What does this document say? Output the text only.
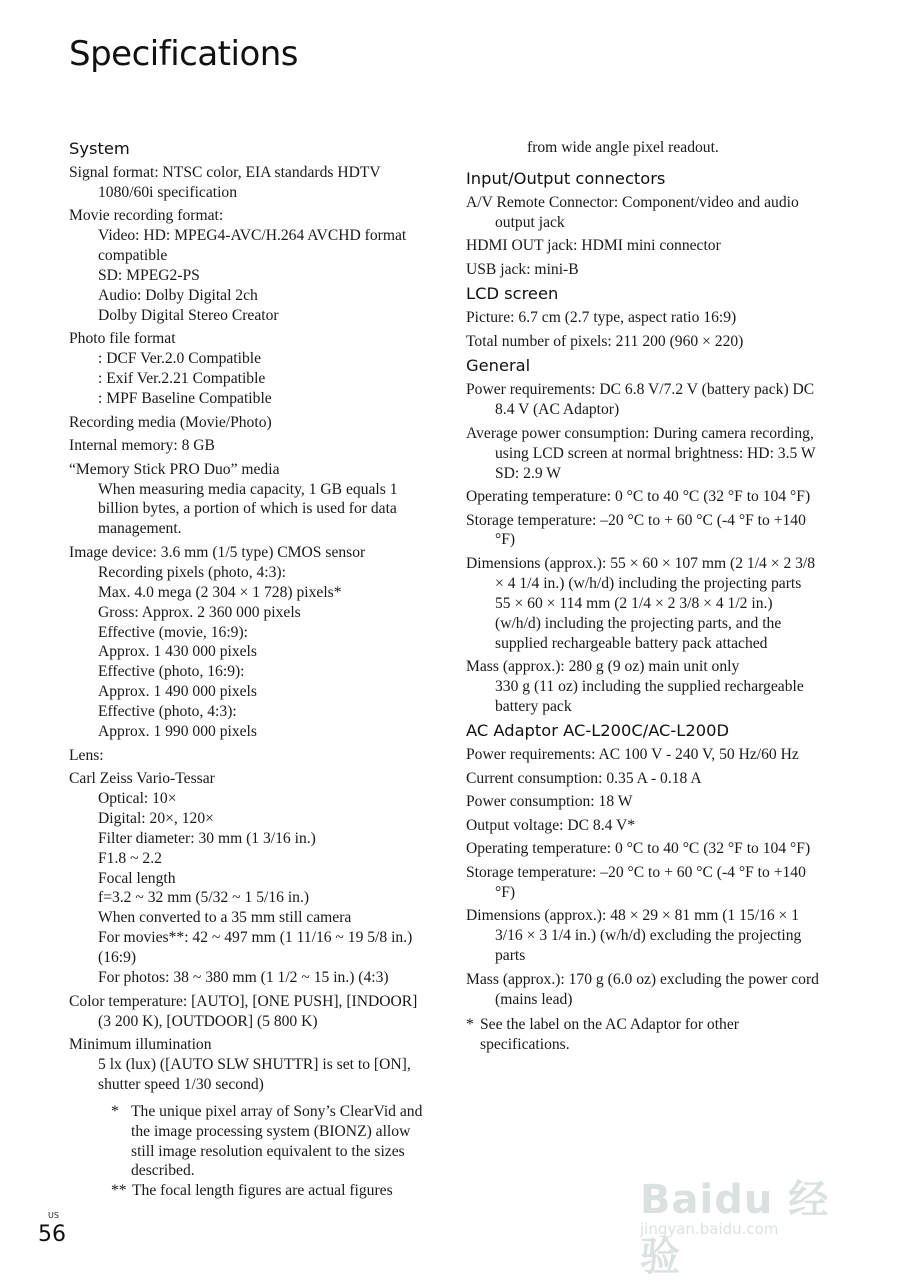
Specifications
System
Signal format: NTSC color, EIA standards HDTV 1080/60i specification
Movie recording format:
Video: HD: MPEG4-AVC/H.264 AVCHD format compatible
SD: MPEG2-PS
Audio: Dolby Digital 2ch
Dolby Digital Stereo Creator
Photo file format
: DCF Ver.2.0 Compatible
: Exif Ver.2.21 Compatible
: MPF Baseline Compatible
Recording media (Movie/Photo)
Internal memory: 8 GB
“Memory Stick PRO Duo” media
When measuring media capacity, 1 GB equals 1 billion bytes, a portion of which is used for data management.
Image device: 3.6 mm (1/5 type) CMOS sensor
Recording pixels (photo, 4:3):
Max. 4.0 mega (2 304 × 1 728) pixels*
Gross: Approx. 2 360 000 pixels
Effective (movie, 16:9):
Approx. 1 430 000 pixels
Effective (photo, 16:9):
Approx. 1 490 000 pixels
Effective (photo, 4:3):
Approx. 1 990 000 pixels
Lens:
Carl Zeiss Vario-Tessar
Optical: 10×
Digital: 20×, 120×
Filter diameter: 30 mm (1 3/16 in.)
F1.8 ~ 2.2
Focal length
f=3.2 ~ 32 mm (5/32 ~ 1 5/16 in.)
When converted to a 35 mm still camera
For movies**: 42 ~ 497 mm (1 11/16 ~ 19 5/8 in.) (16:9)
For photos: 38 ~ 380 mm (1 1/2 ~ 15 in.) (4:3)
Color temperature: [AUTO], [ONE PUSH], [INDOOR] (3 200 K), [OUTDOOR] (5 800 K)
Minimum illumination
5 lx (lux) ([AUTO SLW SHUTTR] is set to [ON], shutter speed 1/30 second)
* The unique pixel array of Sony’s ClearVid and the image processing system (BIONZ) allow still image resolution equivalent to the sizes described.
** The focal length figures are actual figures
from wide angle pixel readout.
Input/Output connectors
A/V Remote Connector: Component/video and audio output jack
HDMI OUT jack: HDMI mini connector
USB jack: mini-B
LCD screen
Picture: 6.7 cm (2.7 type, aspect ratio 16:9)
Total number of pixels: 211 200 (960 × 220)
General
Power requirements: DC 6.8 V/7.2 V (battery pack) DC 8.4 V (AC Adaptor)
Average power consumption: During camera recording, using LCD screen at normal brightness: HD: 3.5 W SD: 2.9 W
Operating temperature: 0 °C to 40 °C (32 °F to 104 °F)
Storage temperature: –20 °C to + 60 °C (-4 °F to +140 °F)
Dimensions (approx.): 55 × 60 × 107 mm (2 1/4 × 2 3/8 × 4 1/4 in.) (w/h/d) including the projecting parts
55 × 60 × 114 mm (2 1/4 × 2 3/8 × 4 1/2 in.) (w/h/d) including the projecting parts, and the supplied rechargeable battery pack attached
Mass (approx.): 280 g (9 oz) main unit only
330 g (11 oz) including the supplied rechargeable battery pack
AC Adaptor AC-L200C/AC-L200D
Power requirements: AC 100 V - 240 V, 50 Hz/60 Hz
Current consumption: 0.35 A - 0.18 A
Power consumption: 18 W
Output voltage: DC 8.4 V*
Operating temperature: 0 °C to 40 °C (32 °F to 104 °F)
Storage temperature: –20 °C to + 60 °C (-4 °F to +140 °F)
Dimensions (approx.): 48 × 29 × 81 mm (1 15/16 × 1 3/16 × 3 1/4 in.) (w/h/d) excluding the projecting parts
Mass (approx.): 170 g (6.0 oz) excluding the power cord (mains lead)
* See the label on the AC Adaptor for other specifications.
US
56
Baidu 经验
jingyan.baidu.com
